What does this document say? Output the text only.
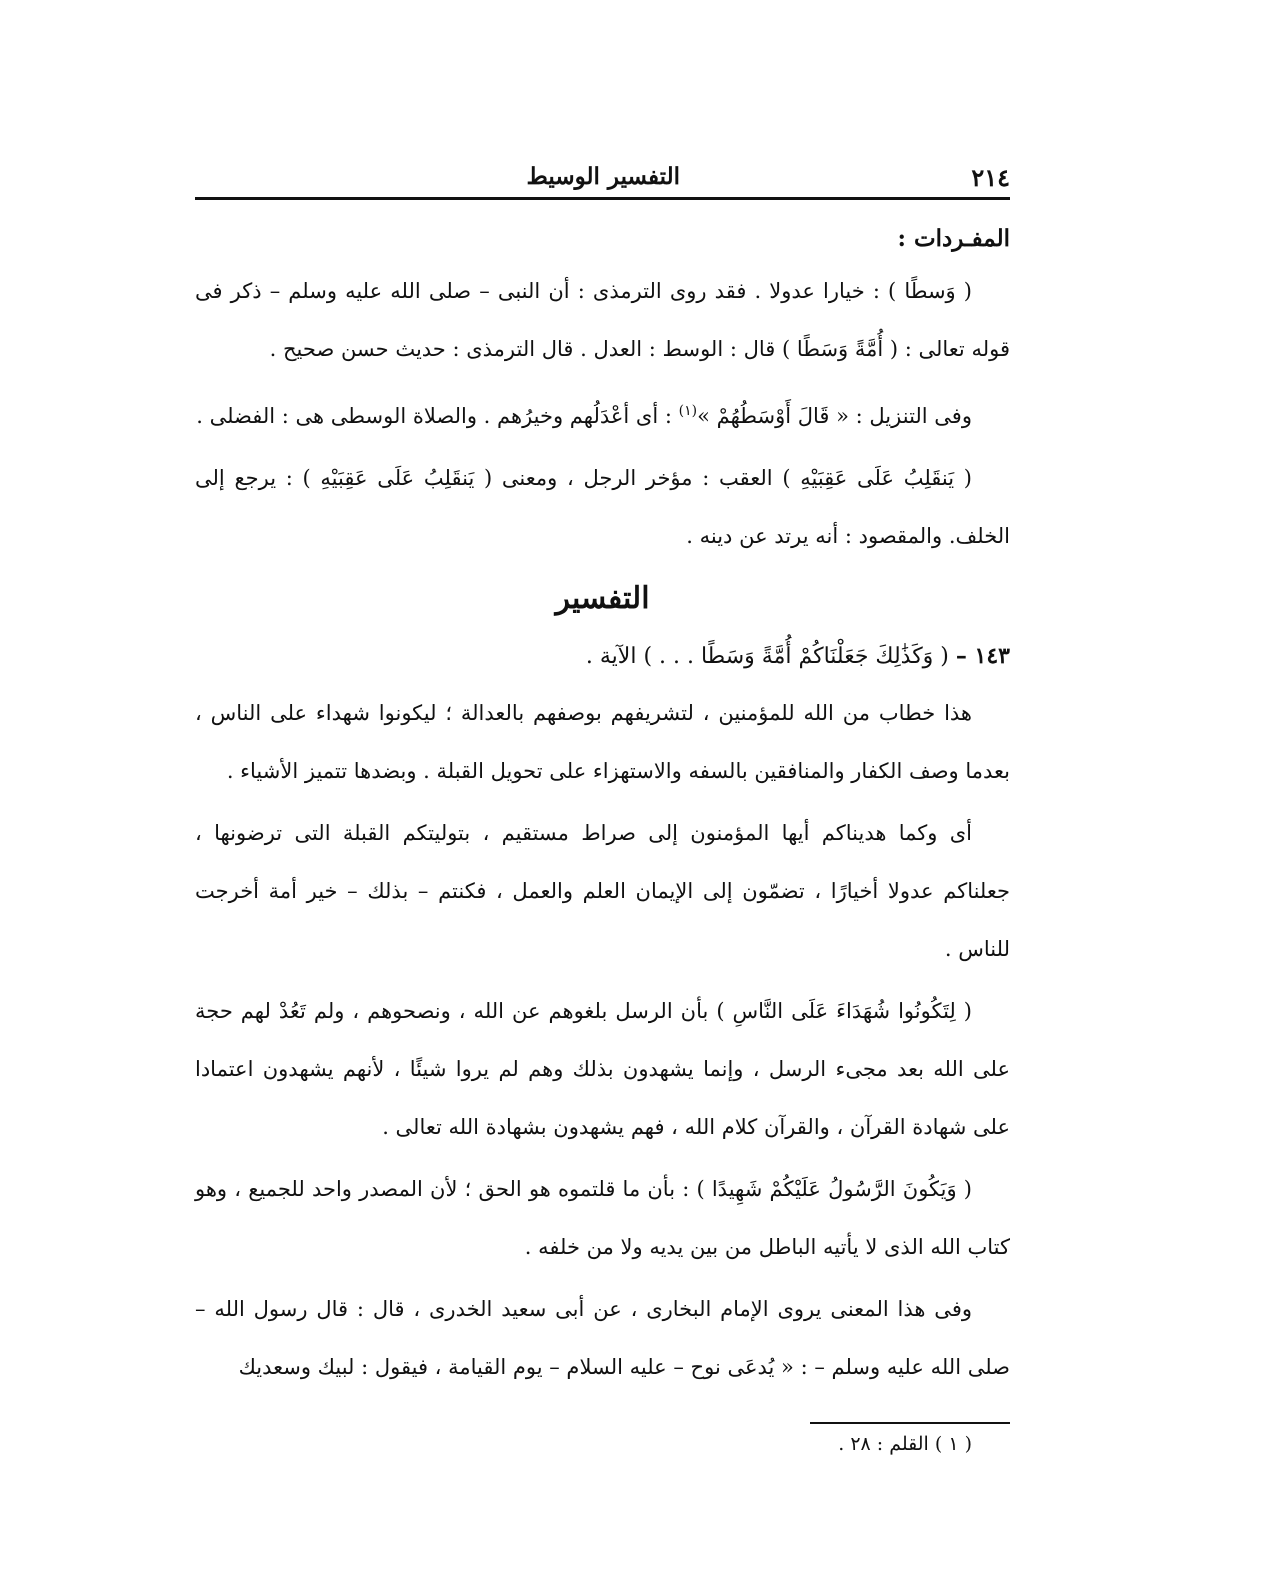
٢١٤
التفسير الوسيط
المفـردات :

( وَسطًا ) : خيارا عدولا . فقد روى الترمذى : أن النبى – صلى الله عليه وسلم – ذكر فى قوله تعالى : ( أُمَّةً وَسَطًا ) قال : الوسط : العدل . قال الترمذى : حديث حسن صحيح .

وفى التنزيل : « قَالَ أَوْسَطُهُمْ »$^{(١)}$ : أى أعْدَلُهم وخيرُهم . والصلاة الوسطى هى : الفضلى .

( يَنقَلِبُ عَلَى عَقِبَيْهِ ) العقب : مؤخر الرجل ، ومعنى ( يَنقَلِبُ عَلَى عَقِبَيْهِ ) : يرجع إلى الخلف. والمقصود : أنه يرتد عن دينه .

التفسير

١٤٣ – ( وَكَذَٰلِكَ جَعَلْنَاكُمْ أُمَّةً وَسَطًا . . . ) الآية .

هذا خطاب من الله للمؤمنين ، لتشريفهم بوصفهم بالعدالة ؛ ليكونوا شهداء على الناس ، بعدما وصف الكفار والمنافقين بالسفه والاستهزاء على تحويل القبلة . وبضدها تتميز الأشياء .

أى وكما هديناكم أيها المؤمنون إلى صراط مستقيم ، بتوليتكم القبلة التى ترضونها ، جعلناكم عدولا أخيارًا ، تضمّون إلى الإيمان العلم والعمل ، فكنتم – بذلك – خير أمة أخرجت للناس .

( لِتَكُونُوا شُهَدَاءَ عَلَى النَّاسِ ) بأن الرسل بلغوهم عن الله ، ونصحوهم ، ولم تَعُدْ لهم حجة على الله بعد مجىء الرسل ، وإنما يشهدون بذلك وهم لم يروا شيئًا ، لأنهم يشهدون اعتمادا على شهادة القرآن ، والقرآن كلام الله ، فهم يشهدون بشهادة الله تعالى .

( وَيَكُونَ الرَّسُولُ عَلَيْكُمْ شَهِيدًا ) : بأن ما قلتموه هو الحق ؛ لأن المصدر واحد للجميع ، وهو كتاب الله الذى لا يأتيه الباطل من بين يديه ولا من خلفه .

وفى هذا المعنى يروى الإمام البخارى ، عن أبى سعيد الخدرى ، قال : قال رسول الله – صلى الله عليه وسلم – : « يُدعَى نوح – عليه السلام – يوم القيامة ، فيقول : لبيك وسعديك

( ١ ) القلم : ٢٨ .
